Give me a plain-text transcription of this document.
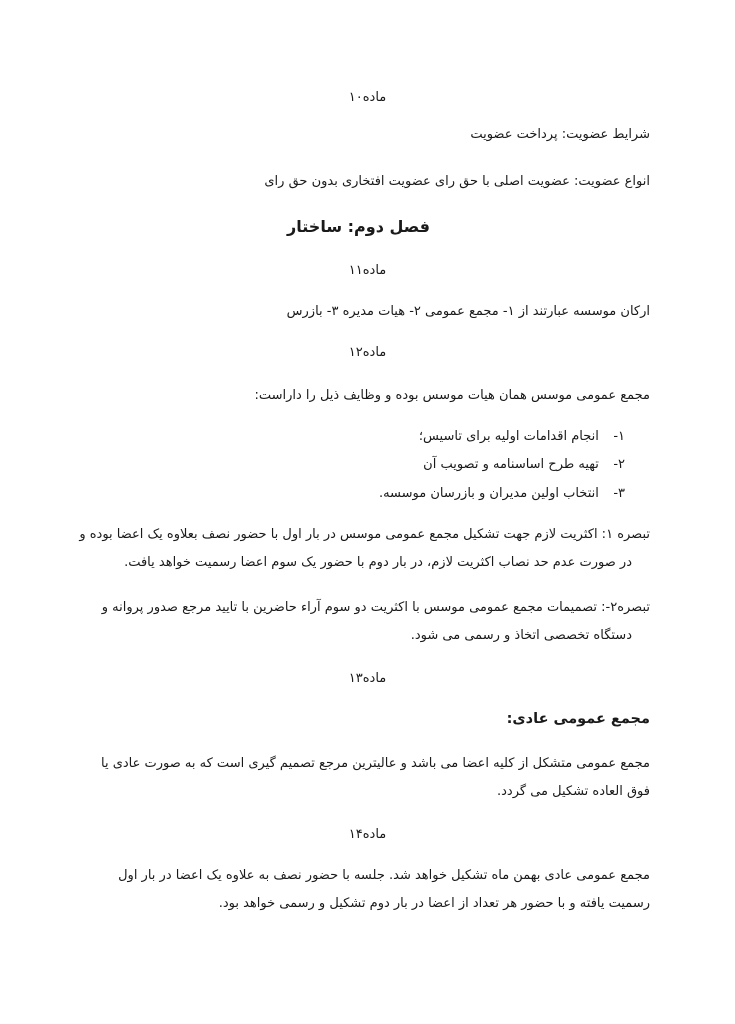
ماده۱۰
شرایط عضویت: پرداخت عضویت
انواع عضویت: عضویت اصلی با حق رای عضویت افتخاری بدون حق رای
فصل دوم: ساختار
ماده۱۱
ارکان موسسه عبارتند از ۱- مجمع عمومی ۲- هیات مدیره ۳- بازرس
ماده۱۲
مجمع عمومی موسس همان هیات موسس بوده و وظایف ذیل را داراست:
۱- انجام اقدامات اولیه برای تاسیس؛
۲- تهیه طرح اساسنامه و تصویب آن
۳- انتخاب اولین مدیران و بازرسان موسسه.
تبصره ۱: اکثریت لازم جهت تشکیل مجمع عمومی موسس در بار اول با حضور نصف بعلاوه یک اعضا بوده و
در صورت عدم حد نصاب اکثریت لازم، در بار دوم با حضور یک سوم اعضا رسمیت خواهد یافت.
تبصره۲-: تصمیمات مجمع عمومی موسس با اکثریت دو سوم آراء حاضرین با تایید مرجع صدور پروانه و
دستگاه تخصصی اتخاذ و رسمی می شود.
ماده۱۳
مجمع عمومی عادی:
مجمع عمومی متشکل از کلیه اعضا می باشد و عالیترین مرجع تصمیم گیری است که به صورت عادی یا
فوق العاده تشکیل می گردد.
ماده۱۴
مجمع عمومی عادی بهمن ماه تشکیل خواهد شد. جلسه با حضور نصف به علاوه یک اعضا در بار اول
رسمیت یافته و با حضور هر تعداد از اعضا در بار دوم تشکیل و رسمی خواهد بود.
